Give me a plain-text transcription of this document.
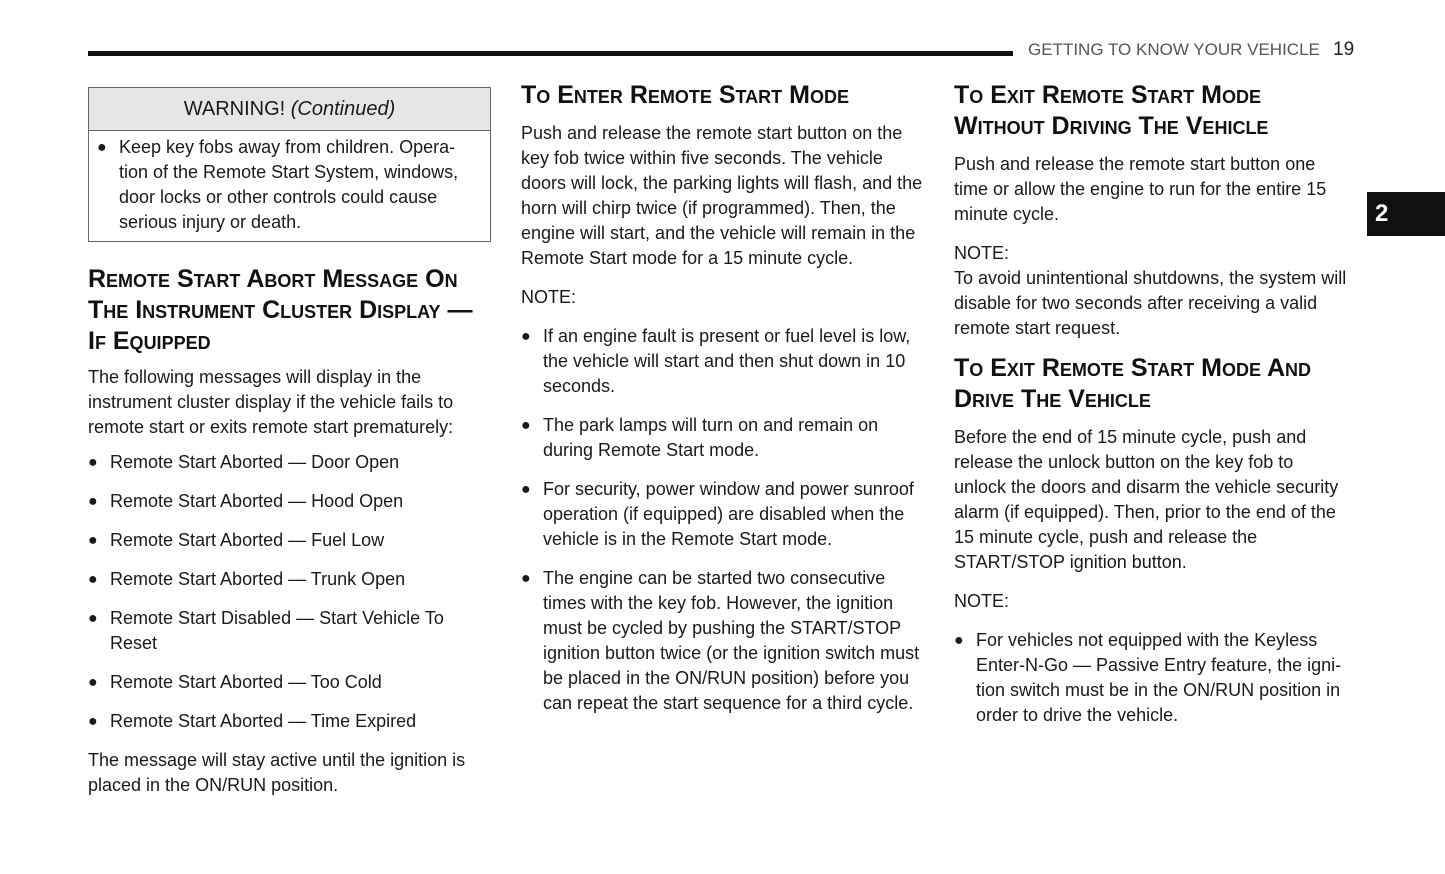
GETTING TO KNOW YOUR VEHICLE 19
2
WARNING! (Continued)
● Keep key fobs away from children. Opera-tion of the Remote Start System, windows, door locks or other controls could cause serious injury or death.
Remote Start Abort Message On The Instrument Cluster Display — If Equipped

The following messages will display in the instrument cluster display if the vehicle fails to remote start or exits remote start prematurely:

● Remote Start Aborted — Door Open
● Remote Start Aborted — Hood Open
● Remote Start Aborted — Fuel Low
● Remote Start Aborted — Trunk Open
● Remote Start Disabled — Start Vehicle To Reset
● Remote Start Aborted — Too Cold
● Remote Start Aborted — Time Expired

The message will stay active until the ignition is placed in the ON/RUN position.

To Enter Remote Start Mode

Push and release the remote start button on the key fob twice within five seconds. The vehicle doors will lock, the parking lights will flash, and the horn will chirp twice (if programmed). Then, the engine will start, and the vehicle will remain in the Remote Start mode for a 15 minute cycle.

NOTE:

● If an engine fault is present or fuel level is low, the vehicle will start and then shut down in 10 seconds.
● The park lamps will turn on and remain on during Remote Start mode.
● For security, power window and power sunroof operation (if equipped) are disabled when the vehicle is in the Remote Start mode.
● The engine can be started two consecutive times with the key fob. However, the ignition must be cycled by pushing the START/STOP ignition button twice (or the ignition switch must be placed in the ON/RUN position) before you can repeat the start sequence for a third cycle.
To Exit Remote Start Mode Without Driving The Vehicle

Push and release the remote start button one time or allow the engine to run for the entire 15 minute cycle.

NOTE:

To avoid unintentional shutdowns, the system will disable for two seconds after receiving a valid remote start request.

To Exit Remote Start Mode And Drive The Vehicle

Before the end of 15 minute cycle, push and release the unlock button on the key fob to unlock the doors and disarm the vehicle security alarm (if equipped). Then, prior to the end of the 15 minute cycle, push and release the START/STOP ignition button.

NOTE:

● For vehicles not equipped with the Keyless Enter-N-Go — Passive Entry feature, the igni-tion switch must be in the ON/RUN position in order to drive the vehicle.
